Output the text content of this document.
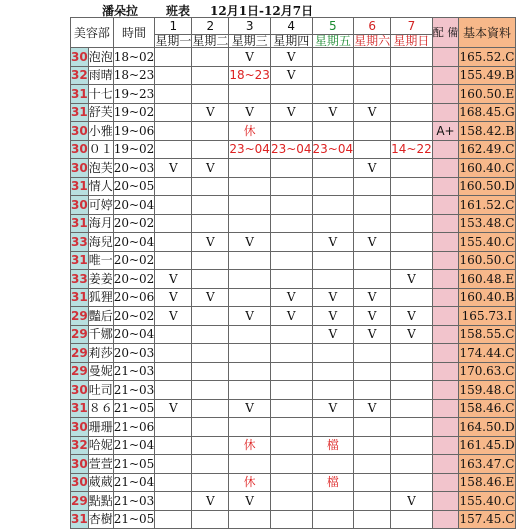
潘朵拉 班表 12月1日-12月7日
美容部		時間	1	2	3	4	5	6	7	配 備	基本資料
			星期一	星期二	星期三	星期四	星期五	星期六	星期日		
30	泡泡	18~02			V	V					165.52.C
32	雨晴	18~23			18~23	V					155.49.B
31	十七	19~23									160.50.E
31	舒芙	19~02		V	V	V	V	V			168.45.G
30	小雅	19~06			休					A+	158.42.B
30	０１	19~02			23~04	23~04	23~04		14~22		162.49.C
30	泡芙	20~03	V	V				V			160.40.C
31	情人	20~05									160.50.D
30	可婷	20~04									161.52.C
31	海月	20~02									153.48.C
33	海兒	20~04		V	V		V	V			155.40.C
31	唯一	20~02									160.50.C
33	姜姜	20~02	V						V		160.48.E
31	狐狸	20~06	V	V		V	V	V			160.40.B
29	豔后	20~02	V		V	V	V	V	V		165.73.I
29	千娜	20~04					V	V	V		158.55.C
29	莉莎	20~03									174.44.C
29	曼妮	21~03									170.63.C
30	吐司	21~03									159.48.C
31	８６	21~05	V		V		V	V			158.46.C
30	珊珊	21~06									164.50.D
32	哈妮	21~04			休		檔				161.45.D
30	萱萱	21~05									163.47.C
30	葳葳	21~04			休		檔				158.46.E
29	點點	21~03		V	V				V		155.40.C
31	杏樹	21~05									157.45.C
